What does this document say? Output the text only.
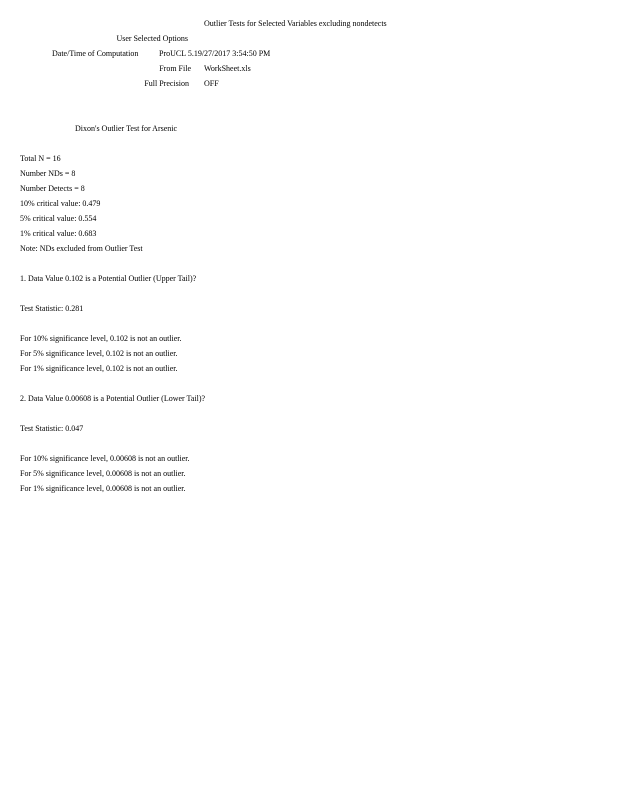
Outlier Tests for Selected Variables excluding nondetects
User Selected Options
Date/Time of Computation	ProUCL 5.19/27/2017 3:54:50 PM
From File WorkSheet.xls
Full Precision OFF
Dixon's Outlier Test for Arsenic
Total N = 16
Number NDs = 8
Number Detects = 8
10% critical value: 0.479
5% critical value: 0.554
1% critical value: 0.683
Note: NDs excluded from Outlier Test
1. Data Value 0.102 is a Potential Outlier (Upper Tail)?
Test Statistic: 0.281
For 10% significance level, 0.102 is not an outlier.
For 5% significance level, 0.102 is not an outlier.
For 1% significance level, 0.102 is not an outlier.
2. Data Value 0.00608 is a Potential Outlier (Lower Tail)?
Test Statistic: 0.047
For 10% significance level, 0.00608 is not an outlier.
For 5% significance level, 0.00608 is not an outlier.
For 1% significance level, 0.00608 is not an outlier.
